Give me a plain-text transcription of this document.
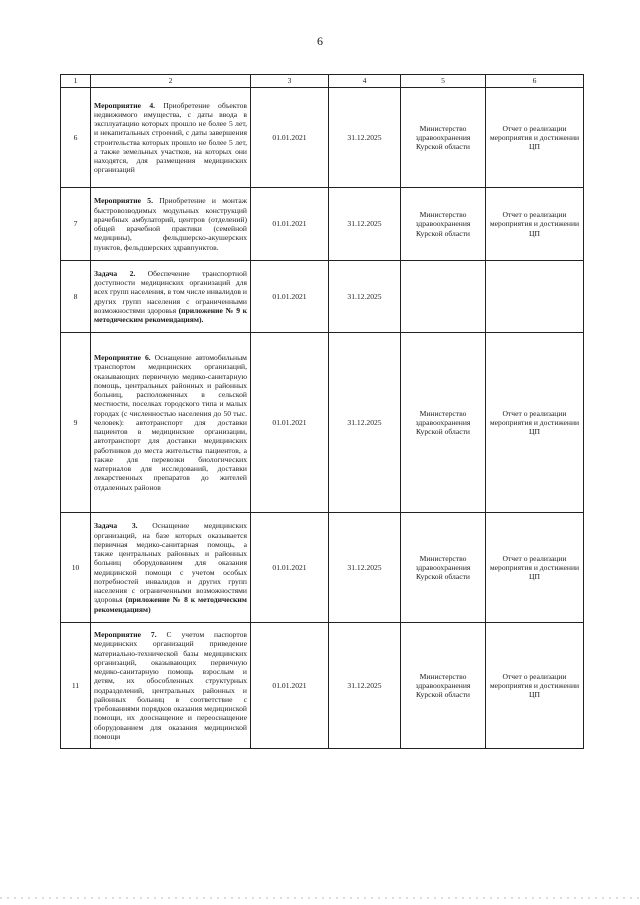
6
1	2	3	4	5	6
6	Мероприятие 4. Приобретение объектов недвижимого имущества, с даты ввода в эксплуатацию которых прошло не более 5 лет, и некапитальных строений, с даты завершения строительства которых прошло не более 5 лет, а также земельных участков, на которых они находятся, для размещения медицинских организаций	01.01.2021	31.12.2025	Министерство здравоохранения Курской области	Отчет о реализации мероприятия и достижении ЦП
7	Мероприятие 5. Приобретение и монтаж быстровозводимых модульных конструкций врачебных амбулаторий, центров (отделений) общей врачебной практики (семейной медицины), фельдшерско-акушерских пунктов, фельдшерских здравпунктов.	01.01.2021	31.12.2025	Министерство здравоохранения Курской области	Отчет о реализации мероприятия и достижении ЦП
8	Задача 2. Обеспечение транспортной доступности медицинских организаций для всех групп населения, в том числе инвалидов и других групп населения с ограниченными возможностями здоровья (приложение № 9 к методическим рекомендациям).	01.01.2021	31.12.2025		
9	Мероприятие 6. Оснащение автомобильным транспортом медицинских организаций, оказывающих первичную медико-санитарную помощь, центральных районных и районных больниц, расположенных в сельской местности, поселках городского типа и малых городах (с численностью населения до 50 тыс. человек): автотранспорт для доставки пациентов в медицинские организации, автотранспорт для доставки медицинских работников до места жительства пациентов, а также для перевозки биологических материалов для исследований, доставки лекарственных препаратов до жителей отдаленных районов	01.01.2021	31.12.2025	Министерство здравоохранения Курской области	Отчет о реализации мероприятия и достижении ЦП
10	Задача 3. Оснащение медицинских организаций, на базе которых оказывается первичная медико-санитарная помощь, а также центральных районных и районных больниц оборудованием для оказания медицинской помощи с учетом особых потребностей инвалидов и других групп населения с ограниченными возможностями здоровья (приложение № 8 к методическим рекомендациям)	01.01.2021	31.12.2025	Министерство здравоохранения Курской области	Отчет о реализации мероприятия и достижении ЦП
11	Мероприятие 7. С учетом паспортов медицинских организаций приведение материально-технической базы медицинских организаций, оказывающих первичную медико-санитарную помощь взрослым и детям, их обособленных структурных подразделений, центральных районных и районных больниц в соответствие с требованиями порядков оказания медицинской помощи, их дооснащение и переоснащение оборудованием для оказания медицинской помощи	01.01.2021	31.12.2025	Министерство здравоохранения Курской области	Отчет о реализации мероприятия и достижении ЦП
